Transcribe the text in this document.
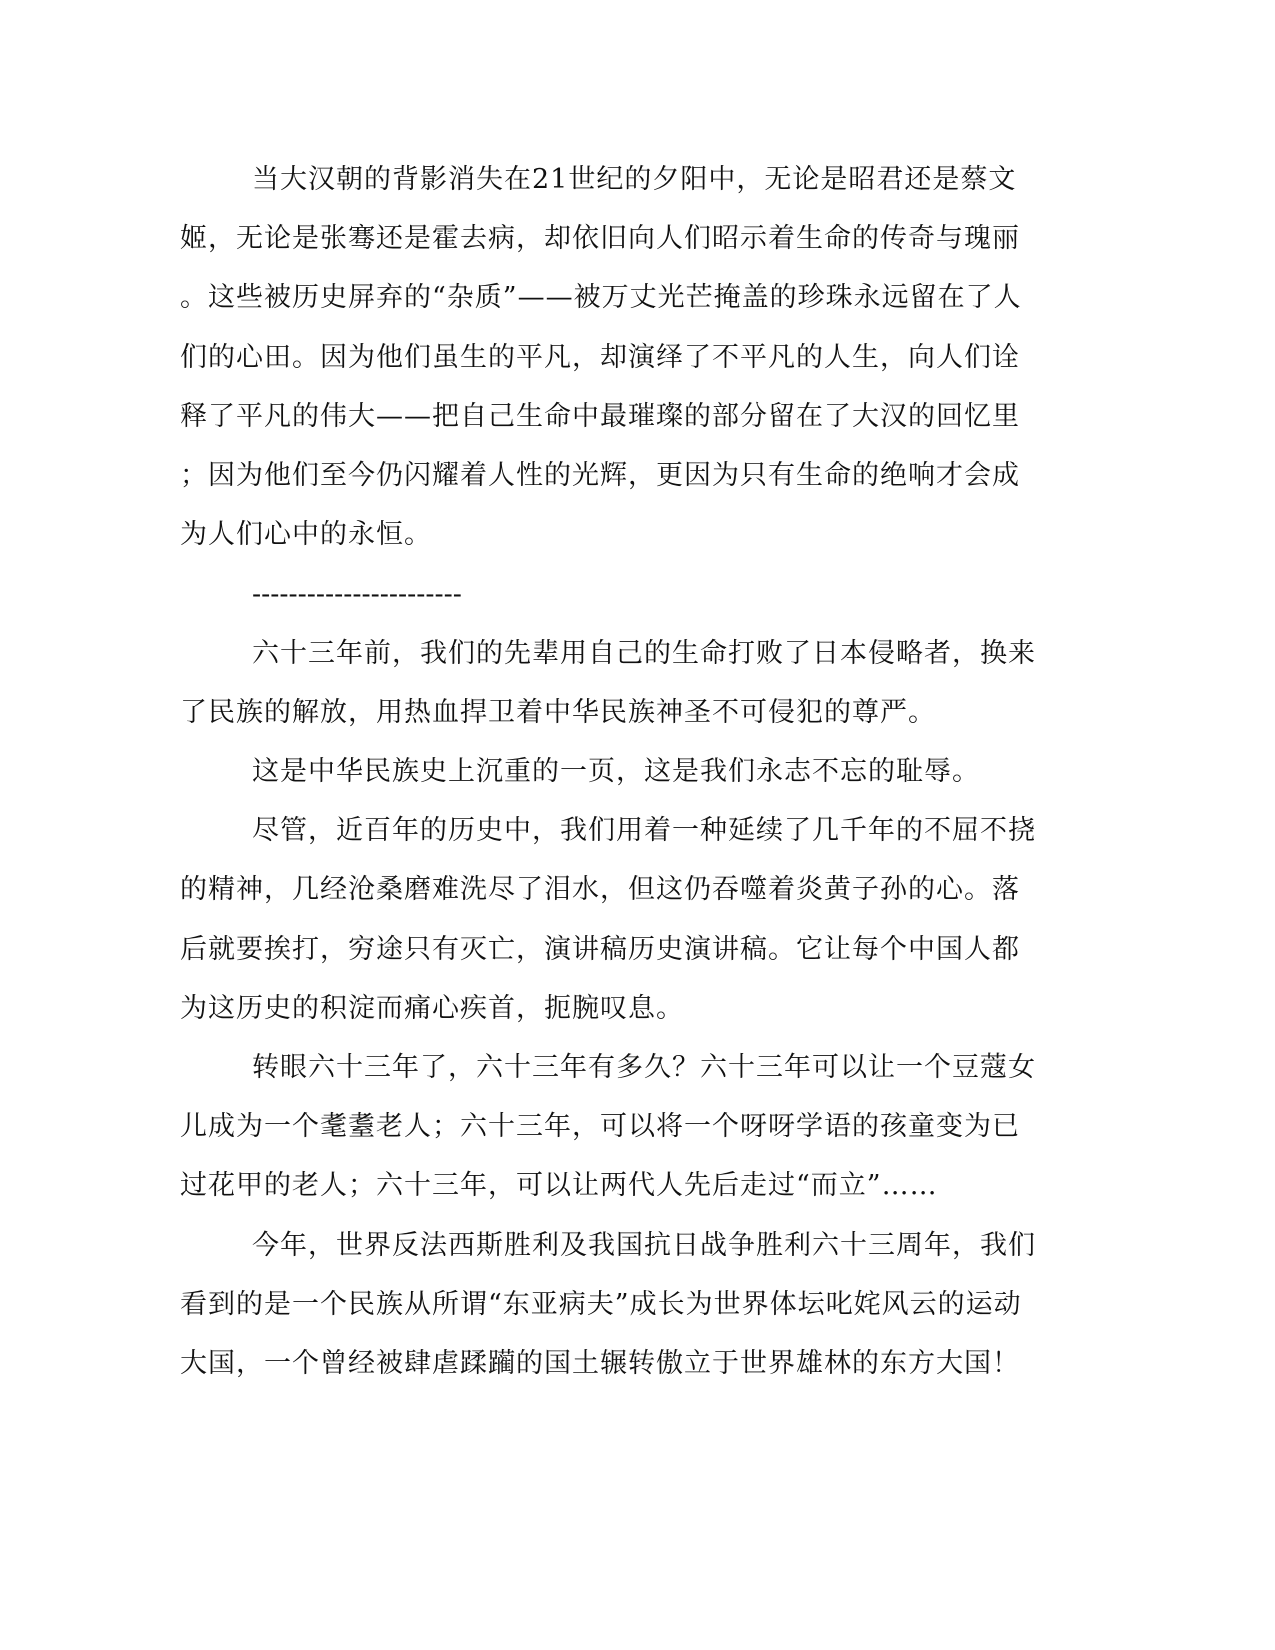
当大汉朝的背影消失在21世纪的夕阳中，无论是昭君还是蔡文
姬，无论是张骞还是霍去病，却依旧向人们昭示着生命的传奇与瑰丽
。这些被历史屏弃的“杂质”——被万丈光芒掩盖的珍珠永远留在了人
们的心田。因为他们虽生的平凡，却演绎了不平凡的人生，向人们诠
释了平凡的伟大——把自己生命中最璀璨的部分留在了大汉的回忆里
；因为他们至今仍闪耀着人性的光辉，更因为只有生命的绝响才会成
为人们心中的永恒。
-----------------------
六十三年前，我们的先辈用自己的生命打败了日本侵略者，换来
了民族的解放，用热血捍卫着中华民族神圣不可侵犯的尊严。
这是中华民族史上沉重的一页，这是我们永志不忘的耻辱。
尽管，近百年的历史中，我们用着一种延续了几千年的不屈不挠
的精神，几经沧桑磨难洗尽了泪水，但这仍吞噬着炎黄子孙的心。落
后就要挨打，穷途只有灭亡，演讲稿历史演讲稿。它让每个中国人都
为这历史的积淀而痛心疾首，扼腕叹息。
转眼六十三年了，六十三年有多久？六十三年可以让一个豆蔻女
儿成为一个耄耋老人；六十三年，可以将一个呀呀学语的孩童变为已
过花甲的老人；六十三年，可以让两代人先后走过“而立”……
今年，世界反法西斯胜利及我国抗日战争胜利六十三周年，我们
看到的是一个民族从所谓“东亚病夫”成长为世界体坛叱姹风云的运动
大国，一个曾经被肆虐蹂躏的国土辗转傲立于世界雄林的东方大国！
